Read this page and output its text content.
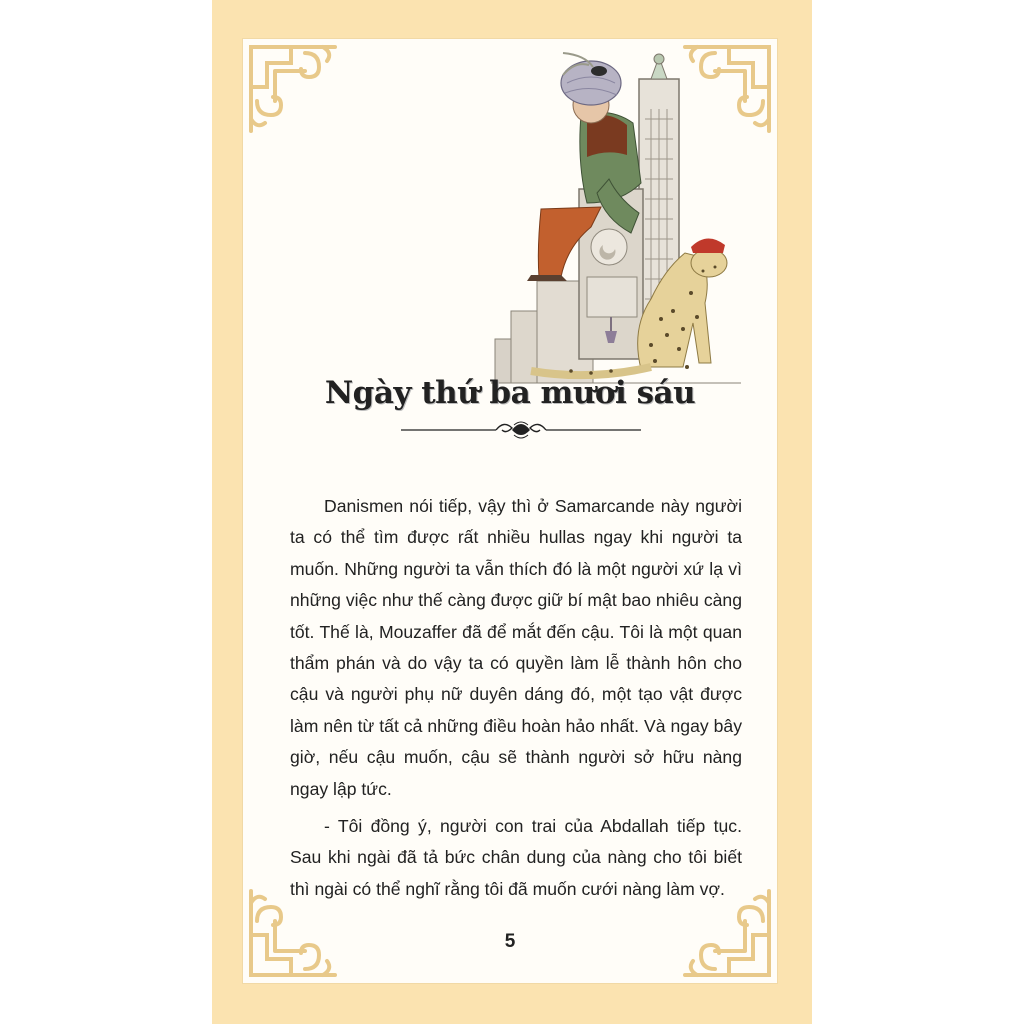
Ngày thứ ba mươi sáu

Danismen nói tiếp, vậy thì ở Samarcande này người ta có thể tìm được rất nhiều hullas ngay khi người ta muốn. Những người ta vẫn thích đó là một người xứ lạ vì những việc như thế càng được giữ bí mật bao nhiêu càng tốt. Thế là, Mouzaffer đã để mắt đến cậu. Tôi là một quan thẩm phán và do vậy ta có quyền làm lễ thành hôn cho cậu và người phụ nữ duyên dáng đó, một tạo vật được làm nên từ tất cả những điều hoàn hảo nhất. Và ngay bây giờ, nếu cậu muốn, cậu sẽ thành người sở hữu nàng ngay lập tức.

- Tôi đồng ý, người con trai của Abdallah tiếp tục. Sau khi ngài đã tả bức chân dung của nàng cho tôi biết thì ngài có thể nghĩ rằng tôi đã muốn cưới nàng làm vợ.

5
